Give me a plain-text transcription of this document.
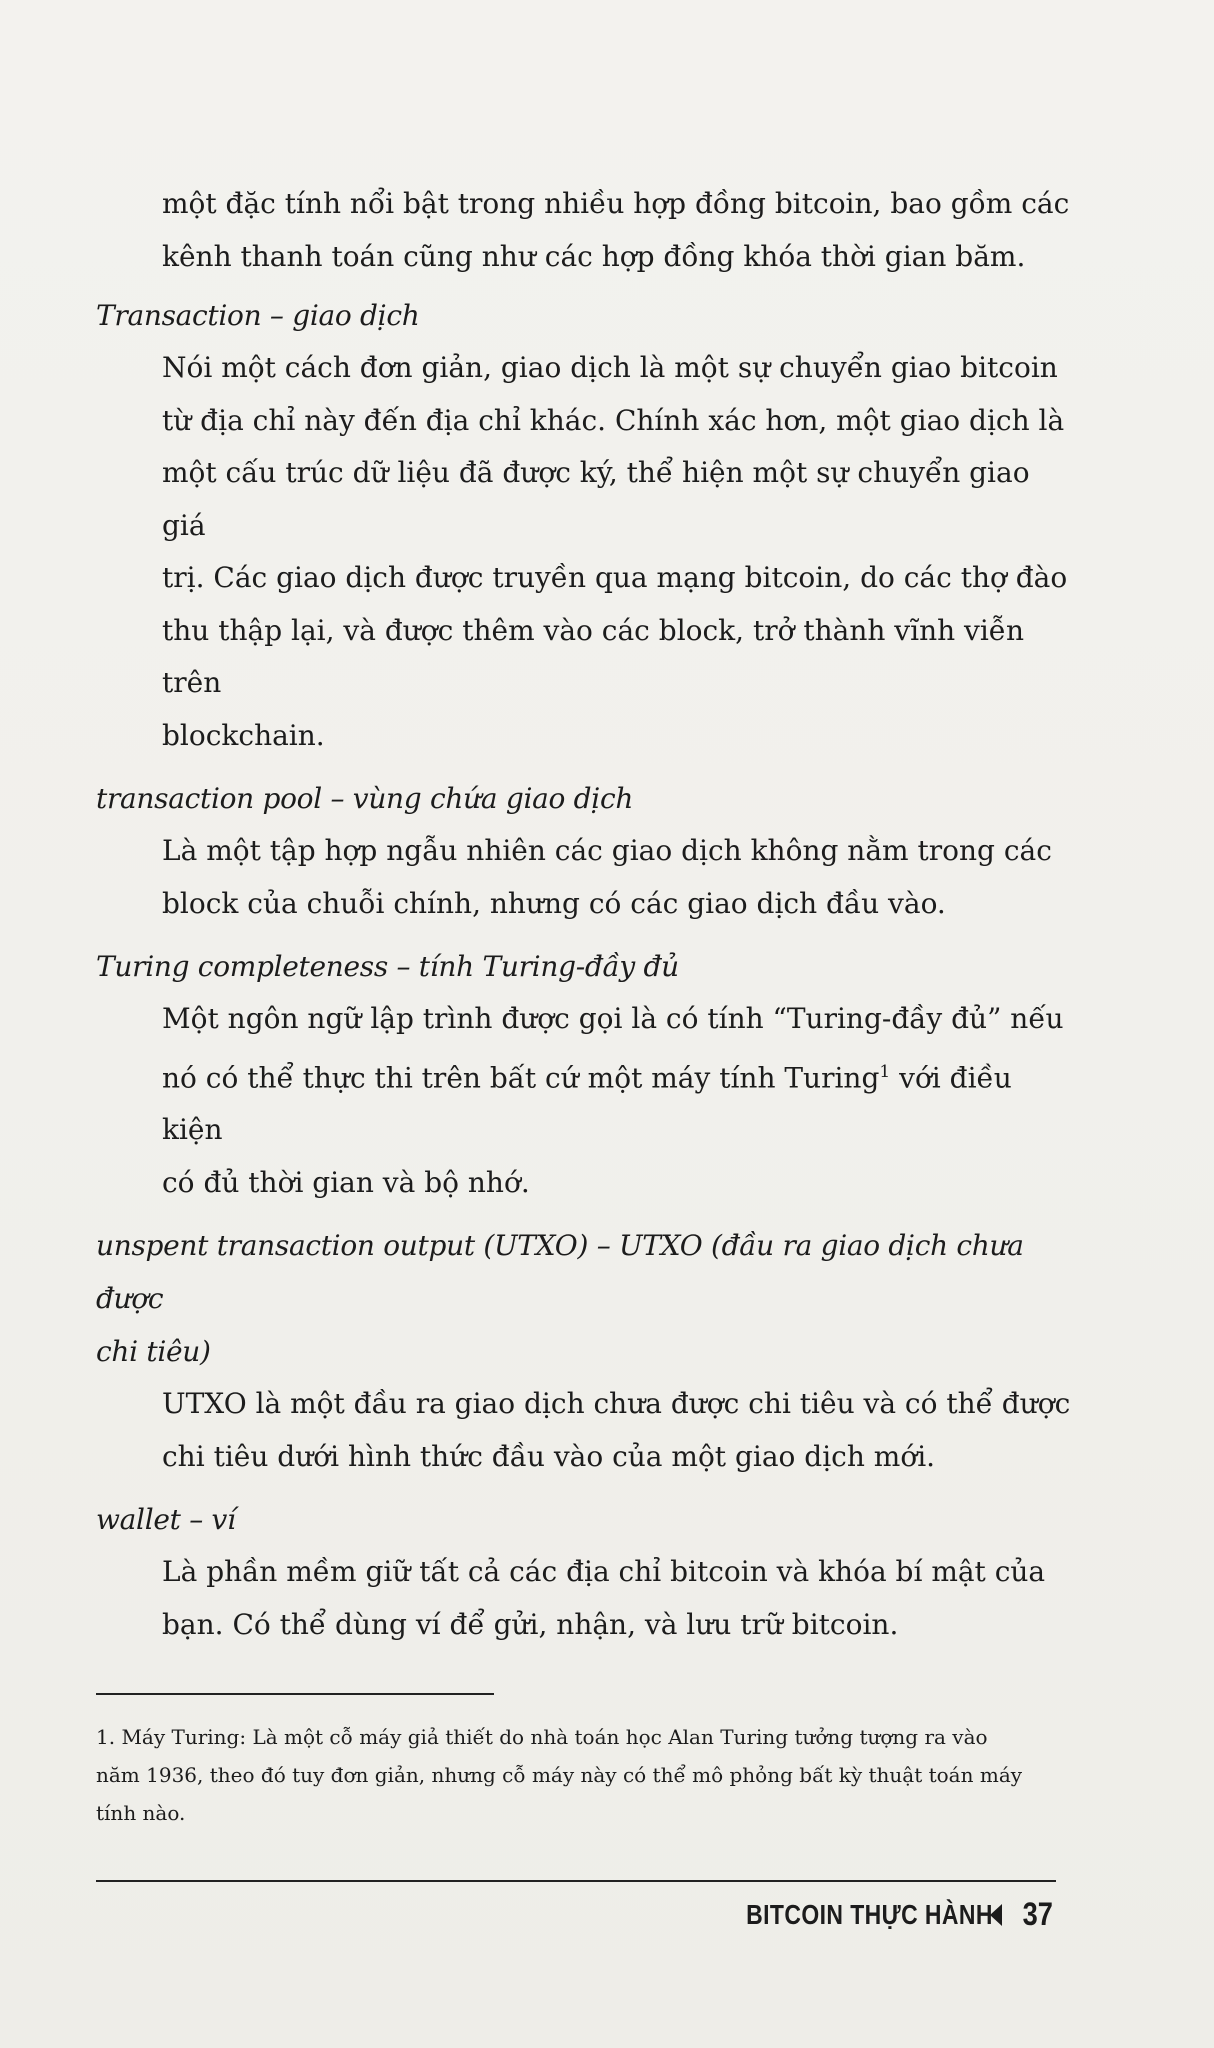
một đặc tính nổi bật trong nhiều hợp đồng bitcoin, bao gồm các

kênh thanh toán cũng như các hợp đồng khóa thời gian băm.

Transaction – giao dịch

Nói một cách đơn giản, giao dịch là một sự chuyển giao bitcoin

từ địa chỉ này đến địa chỉ khác. Chính xác hơn, một giao dịch là

một cấu trúc dữ liệu đã được ký, thể hiện một sự chuyển giao giá

trị. Các giao dịch được truyền qua mạng bitcoin, do các thợ đào

thu thập lại, và được thêm vào các block, trở thành vĩnh viễn trên

blockchain.

transaction pool – vùng chứa giao dịch

Là một tập hợp ngẫu nhiên các giao dịch không nằm trong các

block của chuỗi chính, nhưng có các giao dịch đầu vào.

Turing completeness – tính Turing-đầy đủ

Một ngôn ngữ lập trình được gọi là có tính “Turing-đầy đủ” nếu

nó có thể thực thi trên bất cứ một máy tính Turing$^1$ với điều kiện

có đủ thời gian và bộ nhớ.

unspent transaction output (UTXO) – UTXO (đầu ra giao dịch chưa được

chi tiêu)

UTXO là một đầu ra giao dịch chưa được chi tiêu và có thể được

chi tiêu dưới hình thức đầu vào của một giao dịch mới.

wallet – ví

Là phần mềm giữ tất cả các địa chỉ bitcoin và khóa bí mật của

bạn. Có thể dùng ví để gửi, nhận, và lưu trữ bitcoin.

1. Máy Turing: Là một cỗ máy giả thiết do nhà toán học Alan Turing tưởng tượng ra vào
năm 1936, theo đó tuy đơn giản, nhưng cỗ máy này có thể mô phỏng bất kỳ thuật toán máy
tính nào.
BITCOIN THỰC HÀNH 37
